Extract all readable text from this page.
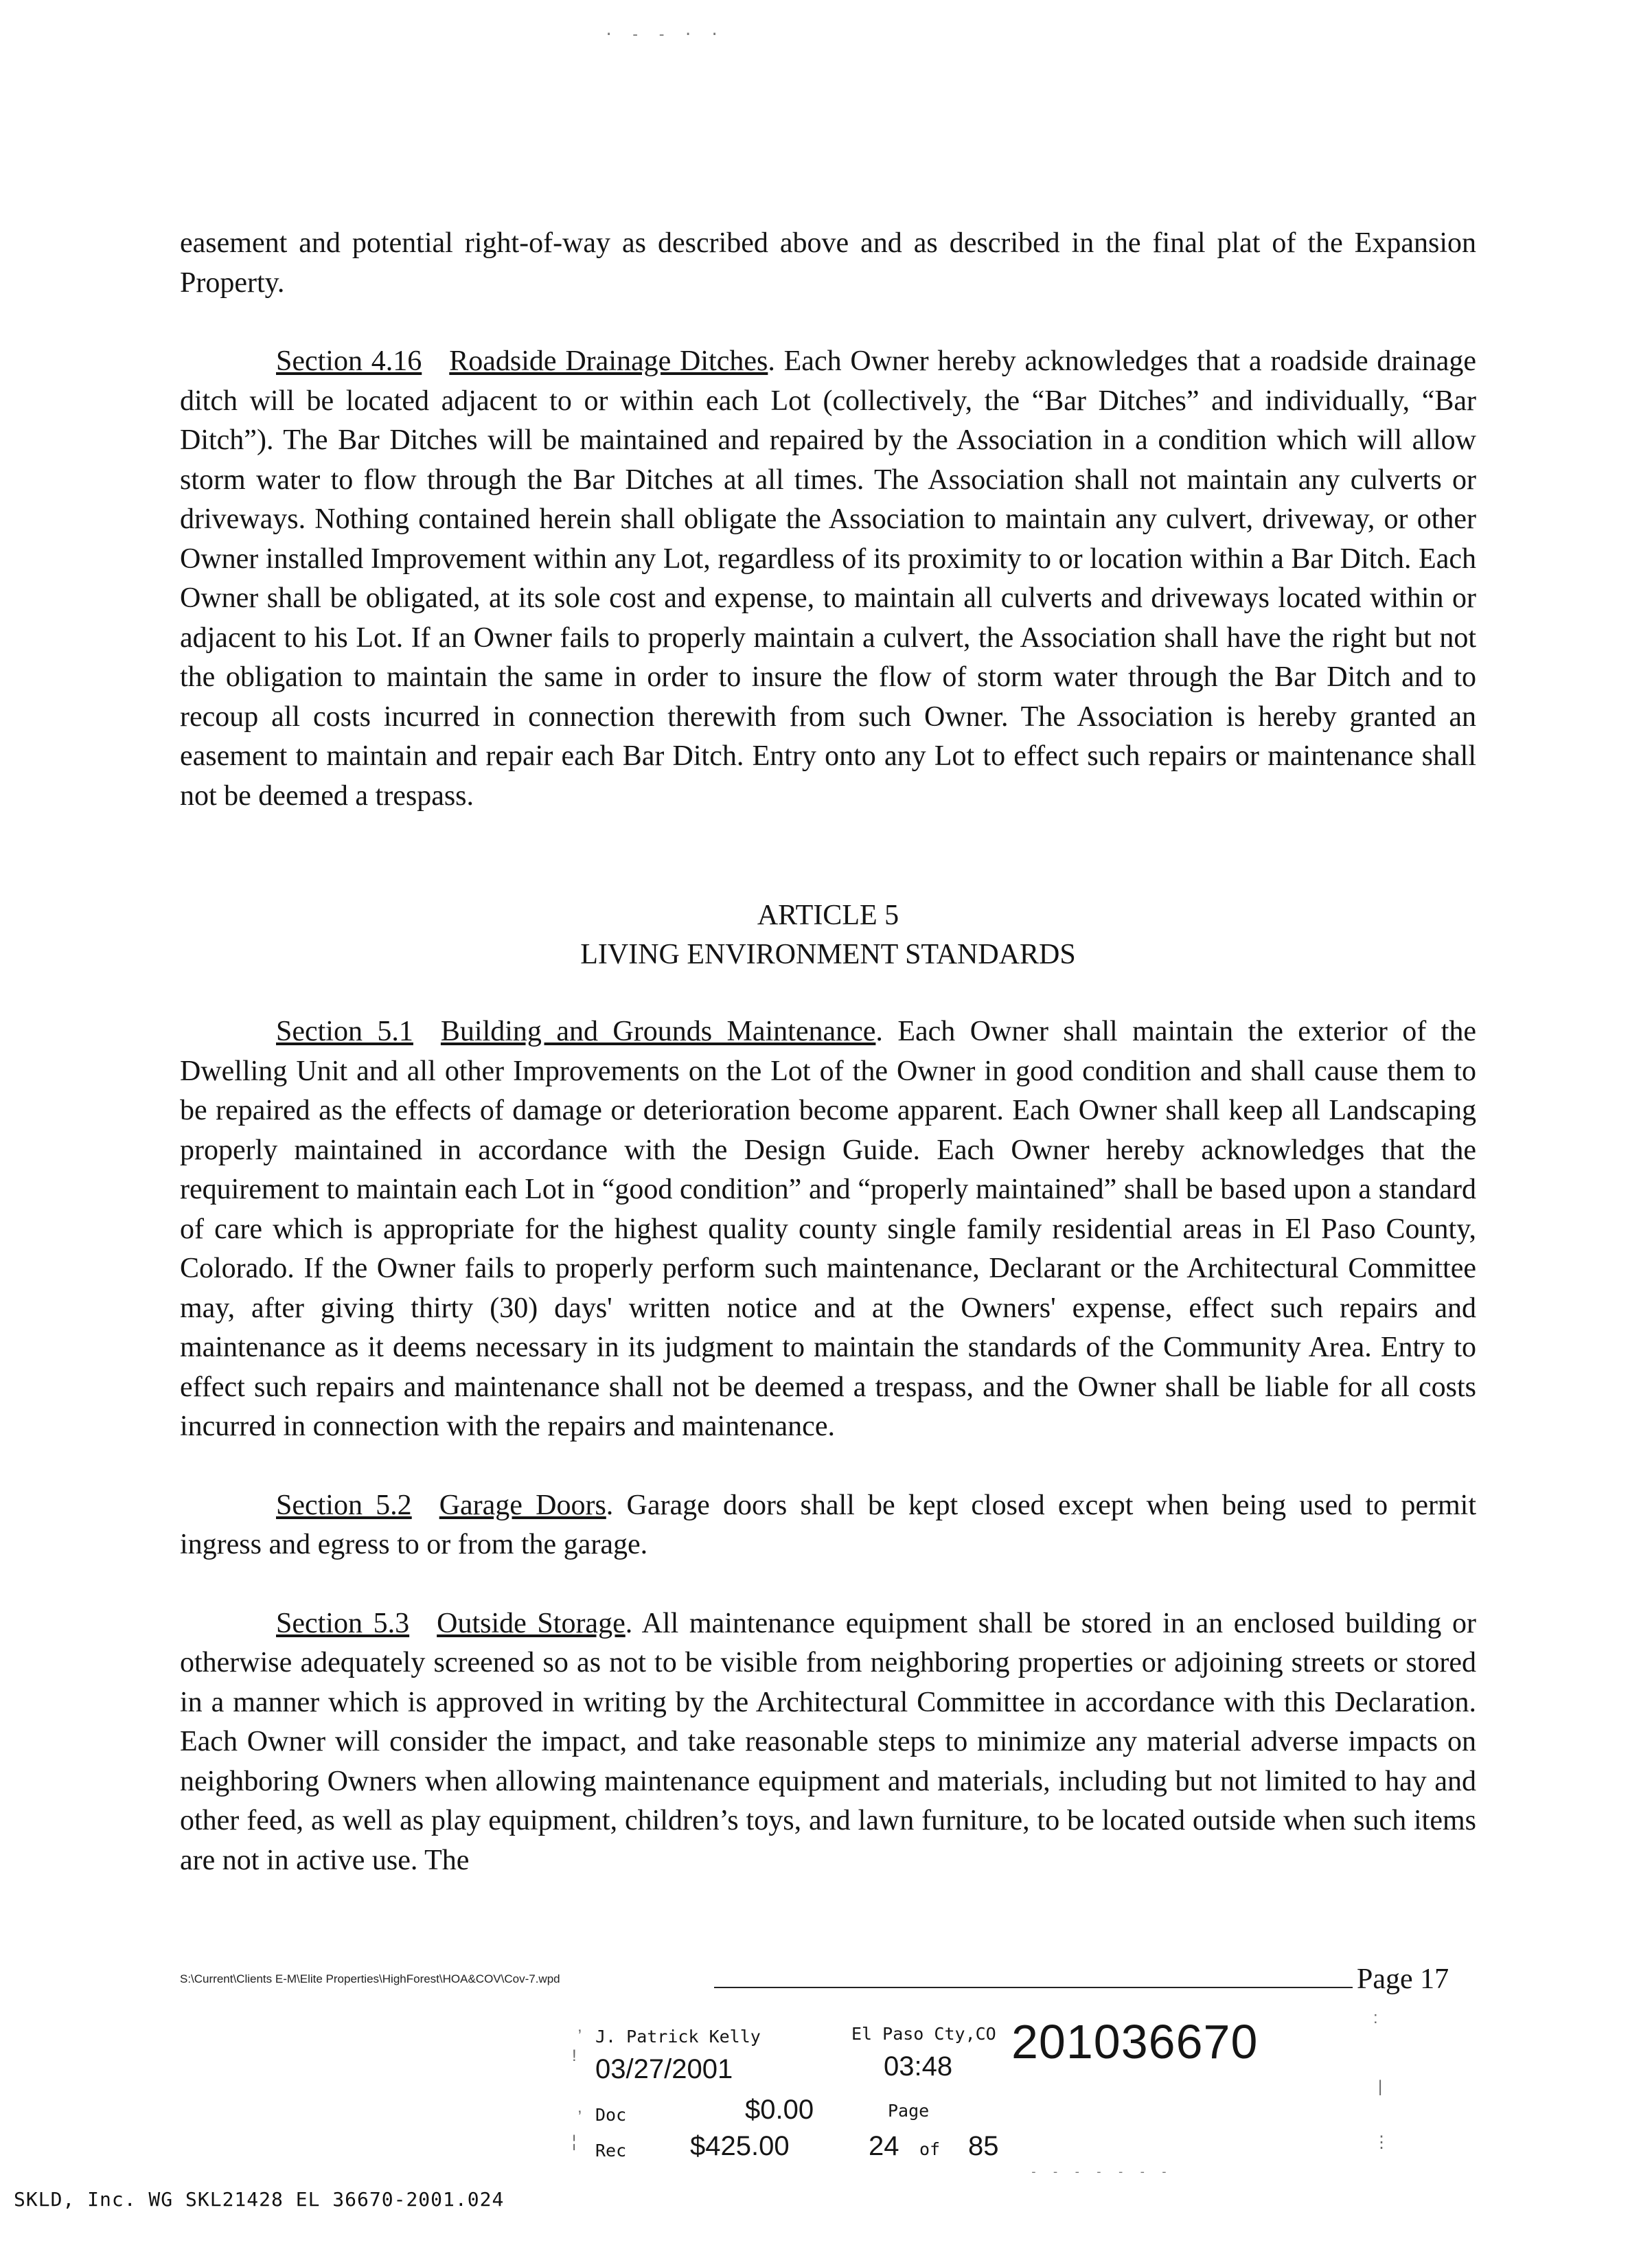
· - - · ·

easement and potential right-of-way as described above and as described in the final plat of the Expansion Property.

Section 4.16 Roadside Drainage Ditches. Each Owner hereby acknowledges that a roadside drainage ditch will be located adjacent to or within each Lot (collectively, the “Bar Ditches” and individually, “Bar Ditch”). The Bar Ditches will be maintained and repaired by the Association in a condition which will allow storm water to flow through the Bar Ditches at all times. The Association shall not maintain any culverts or driveways. Nothing contained herein shall obligate the Association to maintain any culvert, driveway, or other Owner installed Improvement within any Lot, regardless of its proximity to or location within a Bar Ditch. Each Owner shall be obligated, at its sole cost and expense, to maintain all culverts and driveways located within or adjacent to his Lot. If an Owner fails to properly maintain a culvert, the Association shall have the right but not the obligation to maintain the same in order to insure the flow of storm water through the Bar Ditch and to recoup all costs incurred in connection therewith from such Owner. The Association is hereby granted an easement to maintain and repair each Bar Ditch. Entry onto any Lot to effect such repairs or maintenance shall not be deemed a trespass.

ARTICLE 5
LIVING ENVIRONMENT STANDARDS

Section 5.1 Building and Grounds Maintenance. Each Owner shall maintain the exterior of the Dwelling Unit and all other Improvements on the Lot of the Owner in good condition and shall cause them to be repaired as the effects of damage or deterioration become apparent. Each Owner shall keep all Landscaping properly maintained in accordance with the Design Guide. Each Owner hereby acknowledges that the requirement to maintain each Lot in “good condition” and “properly maintained” shall be based upon a standard of care which is appropriate for the highest quality county single family residential areas in El Paso County, Colorado. If the Owner fails to properly perform such maintenance, Declarant or the Architectural Committee may, after giving thirty (30) days' written notice and at the Owners' expense, effect such repairs and maintenance as it deems necessary in its judgment to maintain the standards of the Community Area. Entry to effect such repairs and maintenance shall not be deemed a trespass, and the Owner shall be liable for all costs incurred in connection with the repairs and maintenance.

Section 5.2 Garage Doors. Garage doors shall be kept closed except when being used to permit ingress and egress to or from the garage.

Section 5.3 Outside Storage. All maintenance equipment shall be stored in an enclosed building or otherwise adequately screened so as not to be visible from neighboring properties or adjoining streets or stored in a manner which is approved in writing by the Architectural Committee in accordance with this Declaration. Each Owner will consider the impact, and take reasonable steps to minimize any material adverse impacts on neighboring Owners when allowing maintenance equipment and materials, including but not limited to hay and other feed, as well as play equipment, children’s toys, and lawn furniture, to be located outside when such items are not in active use. The

S:\Current\Clients E-M\Elite Properties\HighForest\HOA&COV\Cov-7.wpd	Page 17
,
!
,
¦
:
|
⋮
J. Patrick Kelly	El Paso Cty,CO 201036670
03/27/2001	03:48
Doc	$0.00	Page
Rec $425.00	24 of 85
- - - - - - -
SKLD, Inc. WG SKL21428 EL 36670-2001.024
